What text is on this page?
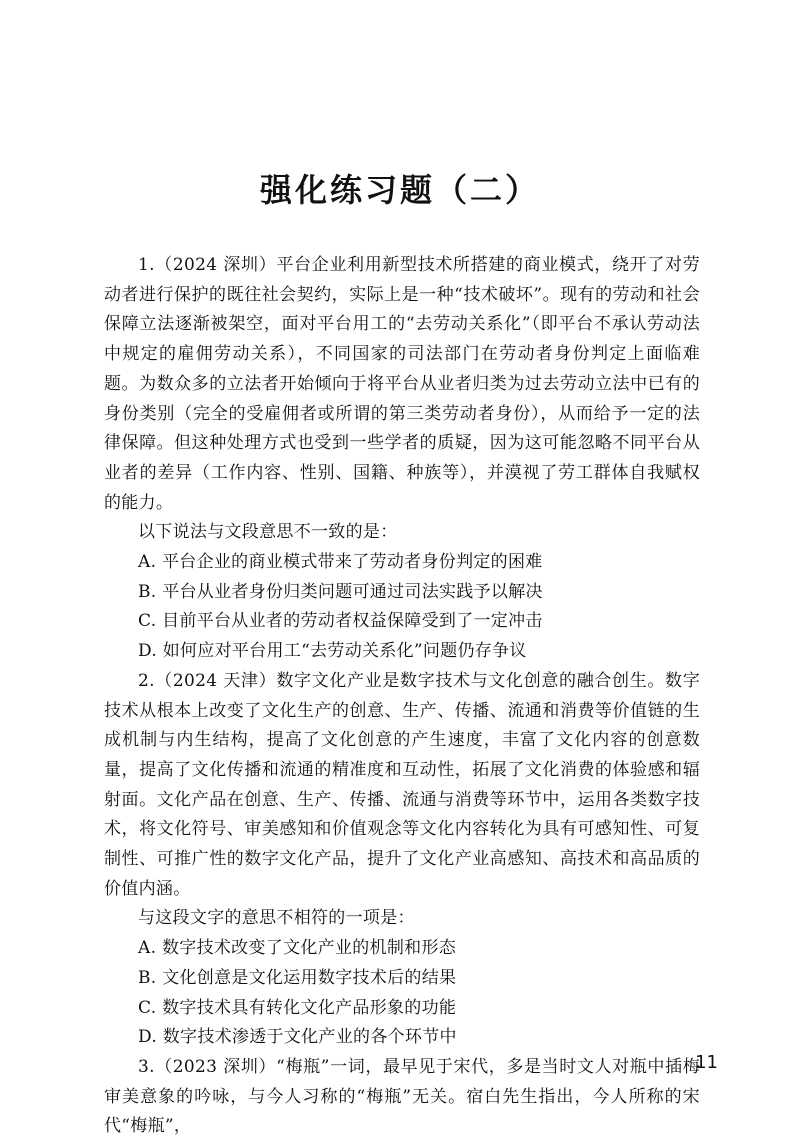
强化练习题（二）

1.（2024 深圳）平台企业利用新型技术所搭建的商业模式，绕开了对劳动者进行保护的既往社会契约，实际上是一种“技术破坏”。现有的劳动和社会保障立法逐渐被架空，面对平台用工的“去劳动关系化”（即平台不承认劳动法中规定的雇佣劳动关系），不同国家的司法部门在劳动者身份判定上面临难题。为数众多的立法者开始倾向于将平台从业者归类为过去劳动立法中已有的身份类别（完全的受雇佣者或所谓的第三类劳动者身份），从而给予一定的法律保障。但这种处理方式也受到一些学者的质疑，因为这可能忽略不同平台从业者的差异（工作内容、性别、国籍、种族等），并漠视了劳工群体自我赋权的能力。

以下说法与文段意思不一致的是：

A. 平台企业的商业模式带来了劳动者身份判定的困难

B. 平台从业者身份归类问题可通过司法实践予以解决

C. 目前平台从业者的劳动者权益保障受到了一定冲击

D. 如何应对平台用工“去劳动关系化”问题仍存争议

2.（2024 天津）数字文化产业是数字技术与文化创意的融合创生。数字技术从根本上改变了文化生产的创意、生产、传播、流通和消费等价值链的生成机制与内生结构，提高了文化创意的产生速度，丰富了文化内容的创意数量，提高了文化传播和流通的精准度和互动性，拓展了文化消费的体验感和辐射面。文化产品在创意、生产、传播、流通与消费等环节中，运用各类数字技术，将文化符号、审美感知和价值观念等文化内容转化为具有可感知性、可复制性、可推广性的数字文化产品，提升了文化产业高感知、高技术和高品质的价值内涵。

与这段文字的意思不相符的一项是：

A. 数字技术改变了文化产业的机制和形态

B. 文化创意是文化运用数字技术后的结果

C. 数字技术具有转化文化产品形象的功能

D. 数字技术渗透于文化产业的各个环节中

3.（2023 深圳）“梅瓶”一词，最早见于宋代，多是当时文人对瓶中插梅审美意象的吟咏，与今人习称的“梅瓶”无关。宿白先生指出，今人所称的宋代“梅瓶”，

11
